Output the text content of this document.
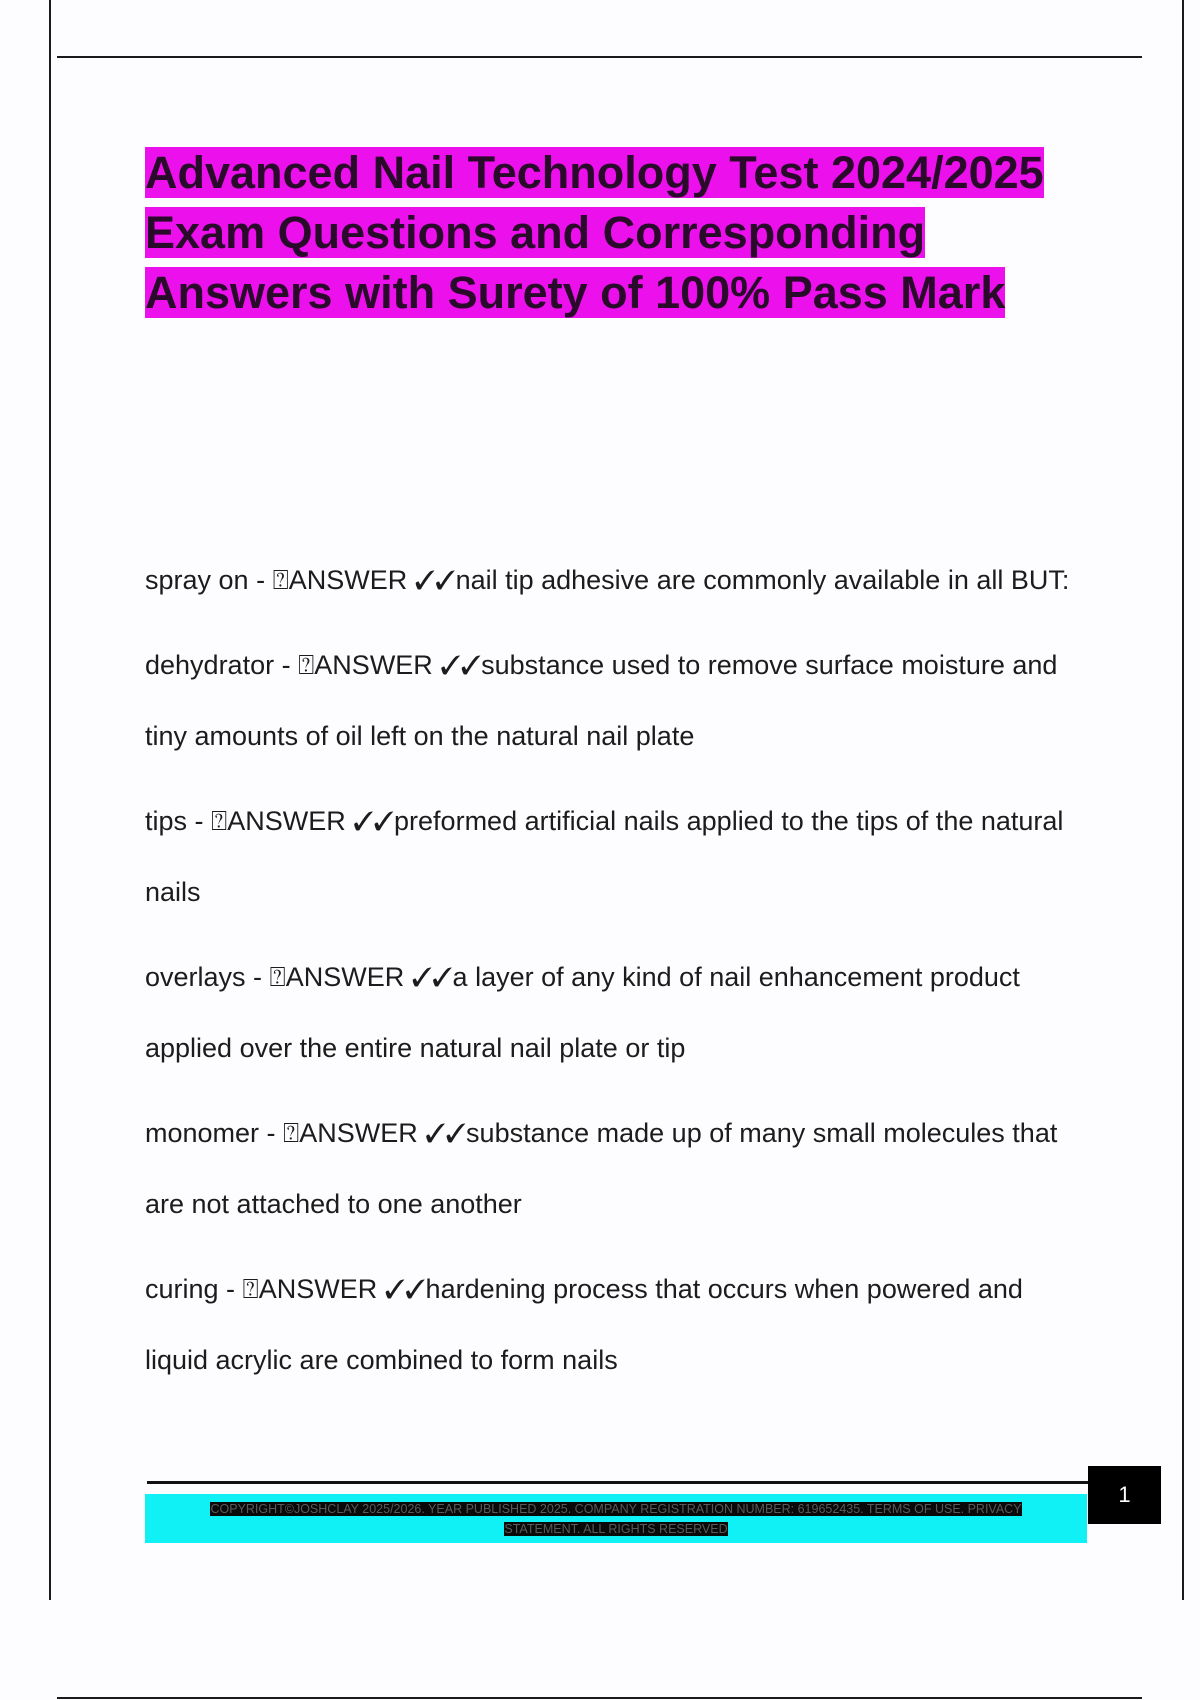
Advanced Nail Technology Test 2024/2025 Exam Questions and Corresponding Answers with Surety of 100% Pass Mark

spray on - ⍰ANSWER ✓✓nail tip adhesive are commonly available in all BUT:

dehydrator - ⍰ANSWER ✓✓substance used to remove surface moisture and tiny amounts of oil left on the natural nail plate

tips - ⍰ANSWER ✓✓preformed artificial nails applied to the tips of the natural nails

overlays - ⍰ANSWER ✓✓a layer of any kind of nail enhancement product applied over the entire natural nail plate or tip

monomer - ⍰ANSWER ✓✓substance made up of many small molecules that are not attached to one another

curing - ⍰ANSWER ✓✓hardening process that occurs when powered and liquid acrylic are combined to form nails

COPYRIGHT©JOSHCLAY 2025/2026. YEAR PUBLISHED 2025. COMPANY REGISTRATION NUMBER: 619652435. TERMS OF USE. PRIVACY STATEMENT. ALL RIGHTS RESERVED
1
